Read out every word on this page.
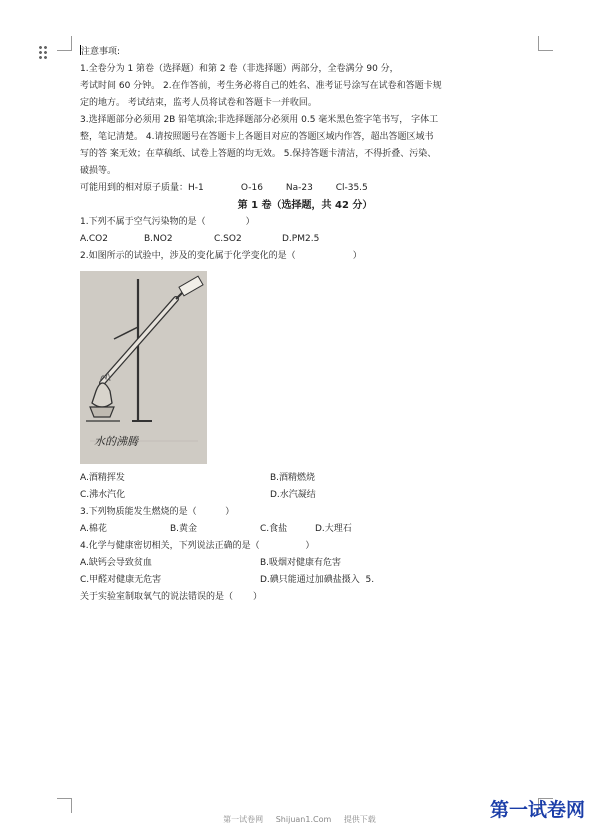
注意事项:
1.全卷分为 1 第卷（选择题）和第 2 卷（非选择题）两部分，全卷满分 90 分，
考试时间 60 分钟。 2.在作答前，考生务必将自己的姓名、准考证号涂写在试卷和答题卡规
定的地方。 考试结束，监考人员将试卷和答题卡一并收回。
3.选择题部分必须用 2B 铅笔填涂;非选择题部分必须用 0.5 毫米黑色签字笔书写， 字体工
整，笔记清楚。 4.请按照题号在答题卡上各题目对应的答题区域内作答，超出答题区域书
写的答 案无效；在草稿纸、试卷上答题的均无效。 5.保持答题卡清洁，不得折叠、污染、
破损等。
可能用到的相对原子质量：H-1             O-16        Na-23        Cl-35.5
第 1 卷（选择题，共 42 分）
1.下列不属于空气污染物的是（              ）
A.CO2	B.NO2	C.SO2	D.PM2.5
2.如图所示的试验中，涉及的变化属于化学变化的是（                    ）
水的沸腾
A.酒精挥发	B.酒精燃烧
C.沸水汽化	D.水汽凝结
3.下列物质能发生燃烧的是（          ）
A.棉花	B.黄金	C.食盐	D.大理石
4.化学与健康密切相关，下列说法正确的是（                ）
A.缺钙会导致贫血	B.吸烟对健康有危害
C.甲醛对健康无危害	D.碘只能通过加碘盐摄入  5.
关于实验室制取氧气的说法错误的是（       ）
第一试卷网 Shijuan1.Com 提供下载	第一试卷网
